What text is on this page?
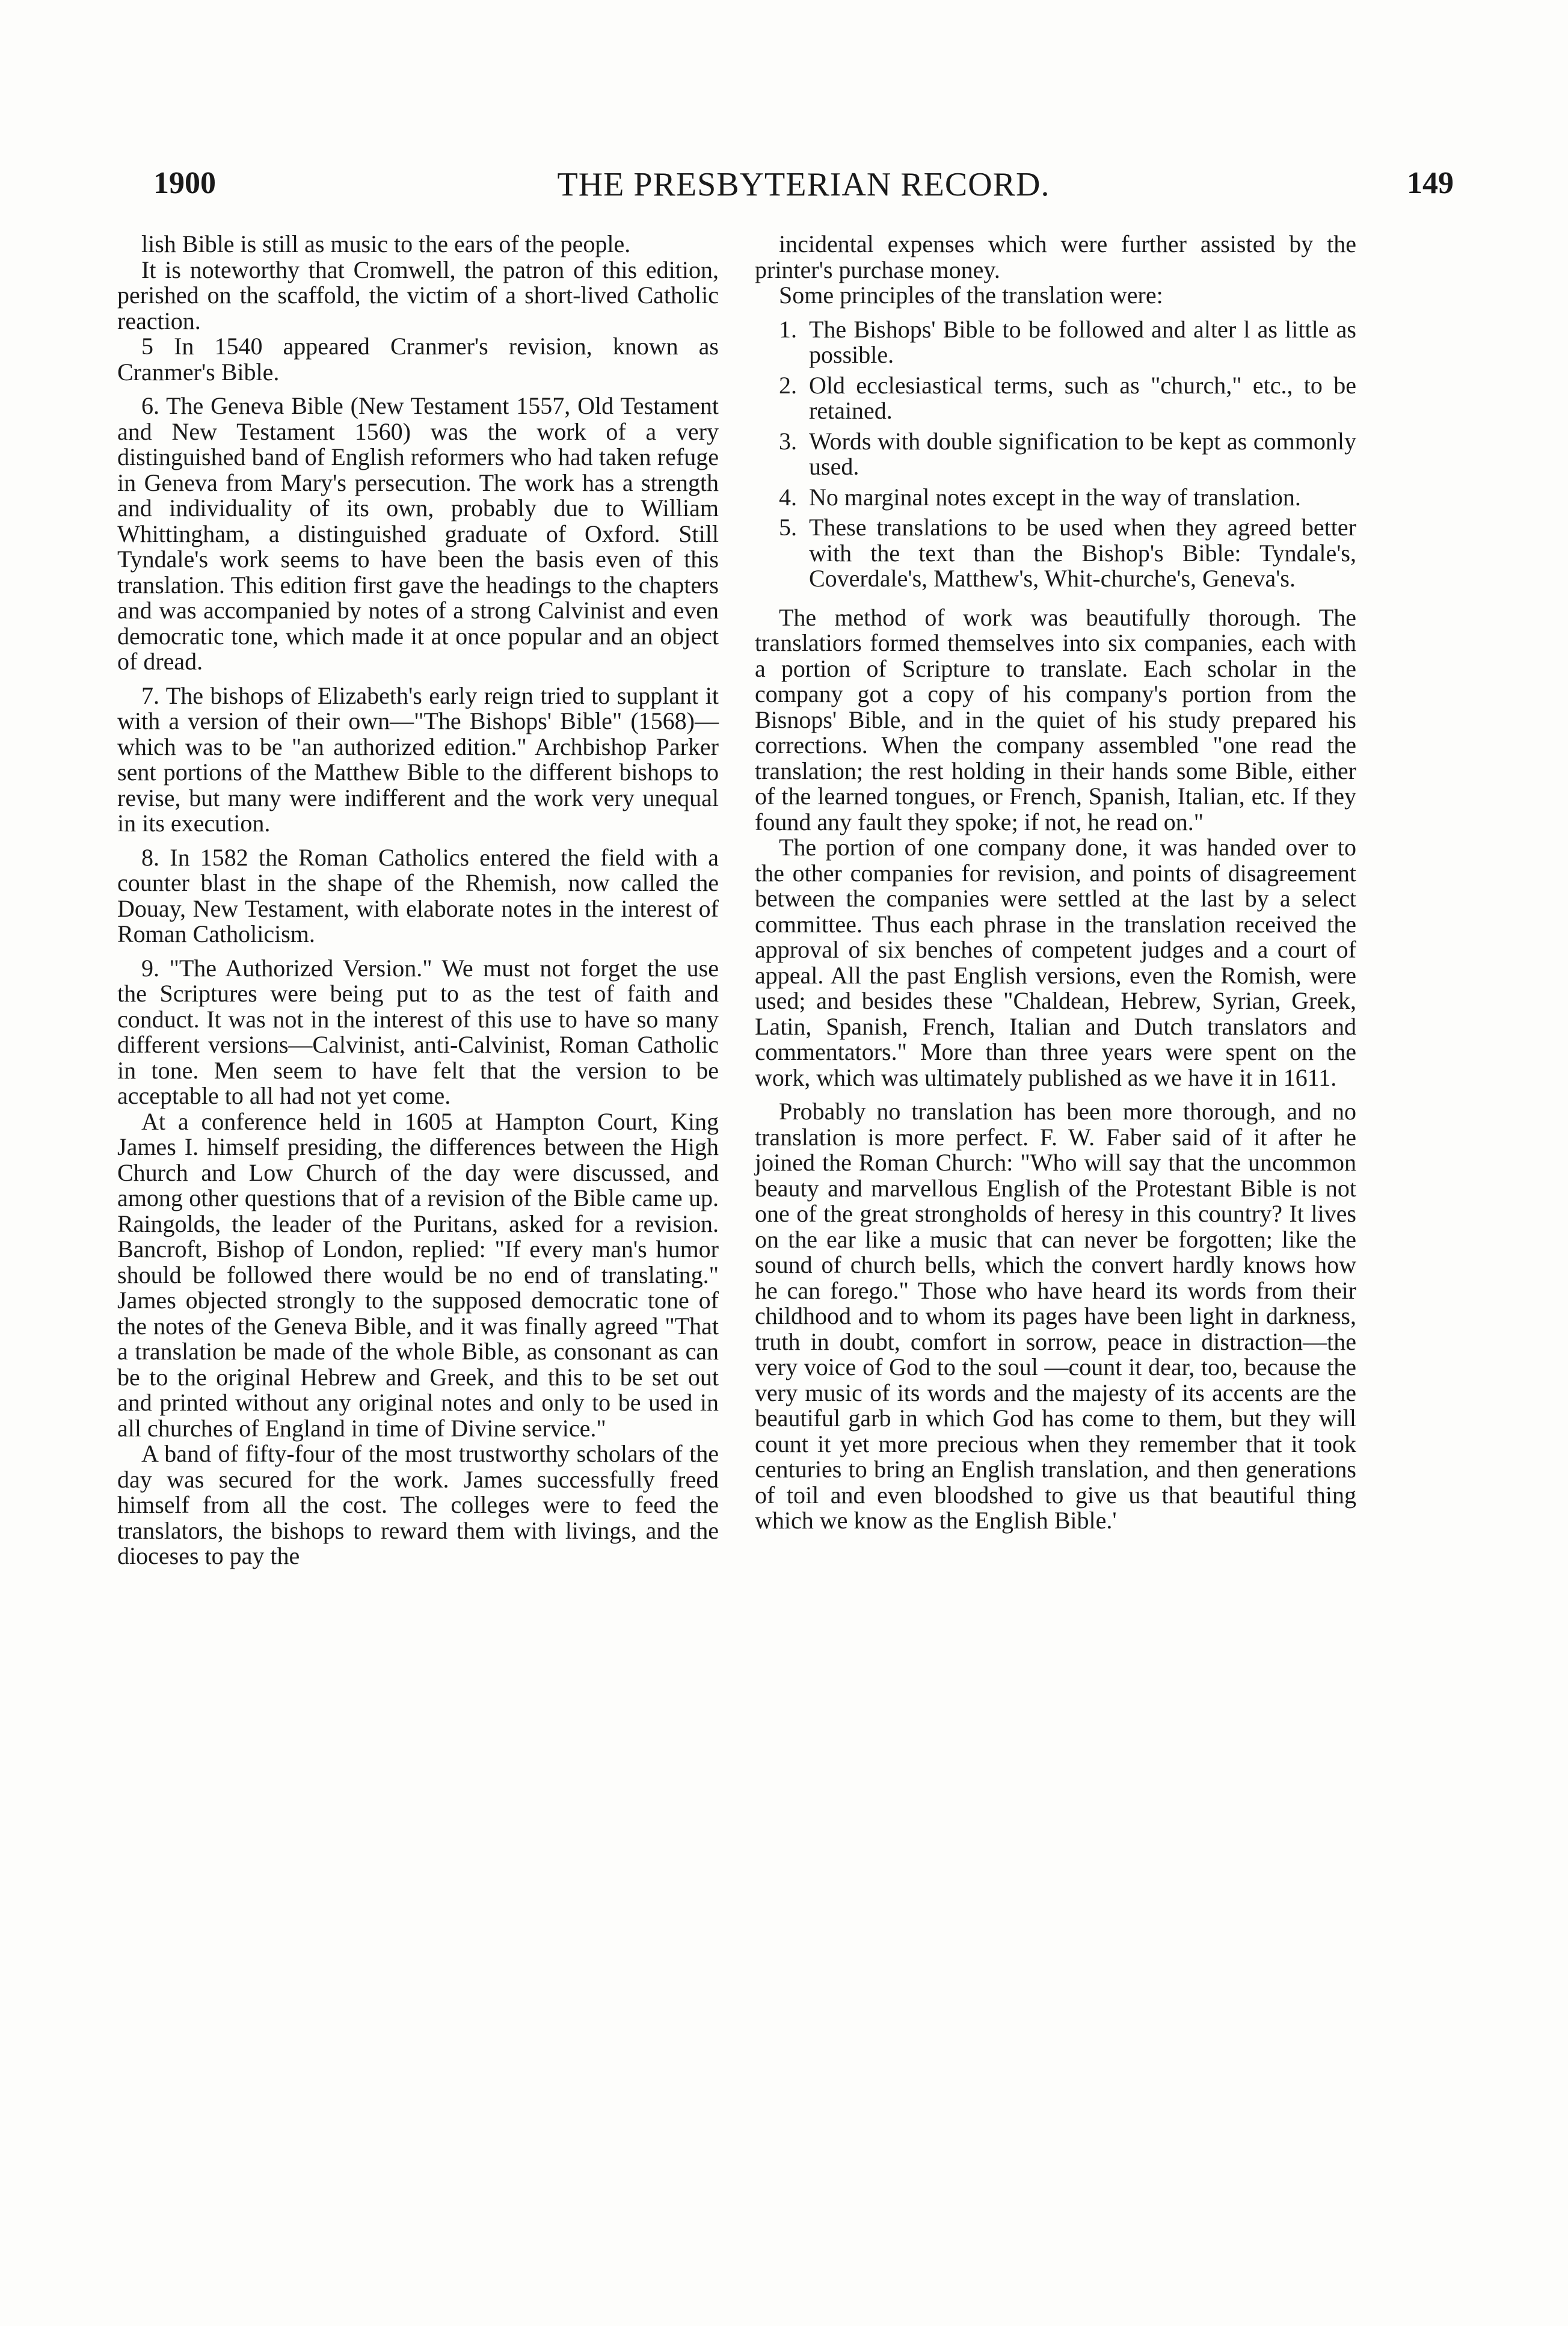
1900	THE PRESBYTERIAN RECORD.	149

lish Bible is still as music to the ears of the people.

It is noteworthy that Cromwell, the patron of this edition, perished on the scaffold, the victim of a short-lived Catholic reaction.

5 In 1540 appeared Cranmer's revision, known as Cranmer's Bible.

6. The Geneva Bible (New Testament 1557, Old Testament and New Testament 1560) was the work of a very distinguished band of English reformers who had taken refuge in Geneva from Mary's persecution. The work has a strength and individuality of its own, probably due to William Whittingham, a distinguished graduate of Oxford. Still Tyndale's work seems to have been the basis even of this translation. This edition first gave the headings to the chapters and was accompanied by notes of a strong Calvinist and even democratic tone, which made it at once popular and an object of dread.

7. The bishops of Elizabeth's early reign tried to supplant it with a version of their own—"The Bishops' Bible" (1568)—which was to be "an authorized edition." Archbishop Parker sent portions of the Matthew Bible to the different bishops to revise, but many were indifferent and the work very unequal in its execution.

8. In 1582 the Roman Catholics entered the field with a counter blast in the shape of the Rhemish, now called the Douay, New Testament, with elaborate notes in the interest of Roman Catholicism.

9. "The Authorized Version." We must not forget the use the Scriptures were being put to as the test of faith and conduct. It was not in the interest of this use to have so many different versions—Calvinist, anti-Calvinist, Roman Catholic in tone. Men seem to have felt that the version to be acceptable to all had not yet come.

At a conference held in 1605 at Hampton Court, King James I. himself presiding, the differences between the High Church and Low Church of the day were discussed, and among other questions that of a revision of the Bible came up. Raingolds, the leader of the Puritans, asked for a revision. Bancroft, Bishop of London, replied: "If every man's humor should be followed there would be no end of translating." James objected strongly to the supposed democratic tone of the notes of the Geneva Bible, and it was finally agreed "That a translation be made of the whole Bible, as consonant as can be to the original Hebrew and Greek, and this to be set out and printed without any original notes and only to be used in all churches of England in time of Divine service."

A band of fifty-four of the most trustworthy scholars of the day was secured for the work. James successfully freed himself from all the cost. The colleges were to feed the translators, the bishops to reward them with livings, and the dioceses to pay the

incidental expenses which were further assisted by the printer's purchase money.

Some principles of the translation were:

1. The Bishops' Bible to be followed and alter l as little as possible.
2. Old ecclesiastical terms, such as "church," etc., to be retained.
3. Words with double signification to be kept as commonly used.
4. No marginal notes except in the way of translation.
5. These translations to be used when they agreed better with the text than the Bishop's Bible: Tyndale's, Coverdale's, Matthew's, Whit-churche's, Geneva's.

The method of work was beautifully thorough. The translatiors formed themselves into six companies, each with a portion of Scripture to translate. Each scholar in the company got a copy of his company's portion from the Bisnops' Bible, and in the quiet of his study prepared his corrections. When the company assembled "one read the translation; the rest holding in their hands some Bible, either of the learned tongues, or French, Spanish, Italian, etc. If they found any fault they spoke; if not, he read on."

The portion of one company done, it was handed over to the other companies for revision, and points of disagreement between the companies were settled at the last by a select committee. Thus each phrase in the translation received the approval of six benches of competent judges and a court of appeal. All the past English versions, even the Romish, were used; and besides these "Chaldean, Hebrew, Syrian, Greek, Latin, Spanish, French, Italian and Dutch translators and commentators." More than three years were spent on the work, which was ultimately published as we have it in 1611.

Probably no translation has been more thorough, and no translation is more perfect. F. W. Faber said of it after he joined the Roman Church: "Who will say that the uncommon beauty and marvellous English of the Protestant Bible is not one of the great strongholds of heresy in this country? It lives on the ear like a music that can never be forgotten; like the sound of church bells, which the convert hardly knows how he can forego." Those who have heard its words from their childhood and to whom its pages have been light in darkness, truth in doubt, comfort in sorrow, peace in distraction—the very voice of God to the soul —count it dear, too, because the very music of its words and the majesty of its accents are the beautiful garb in which God has come to them, but they will count it yet more precious when they remember that it took centuries to bring an English translation, and then generations of toil and even bloodshed to give us that beautiful thing which we know as the English Bible.'
